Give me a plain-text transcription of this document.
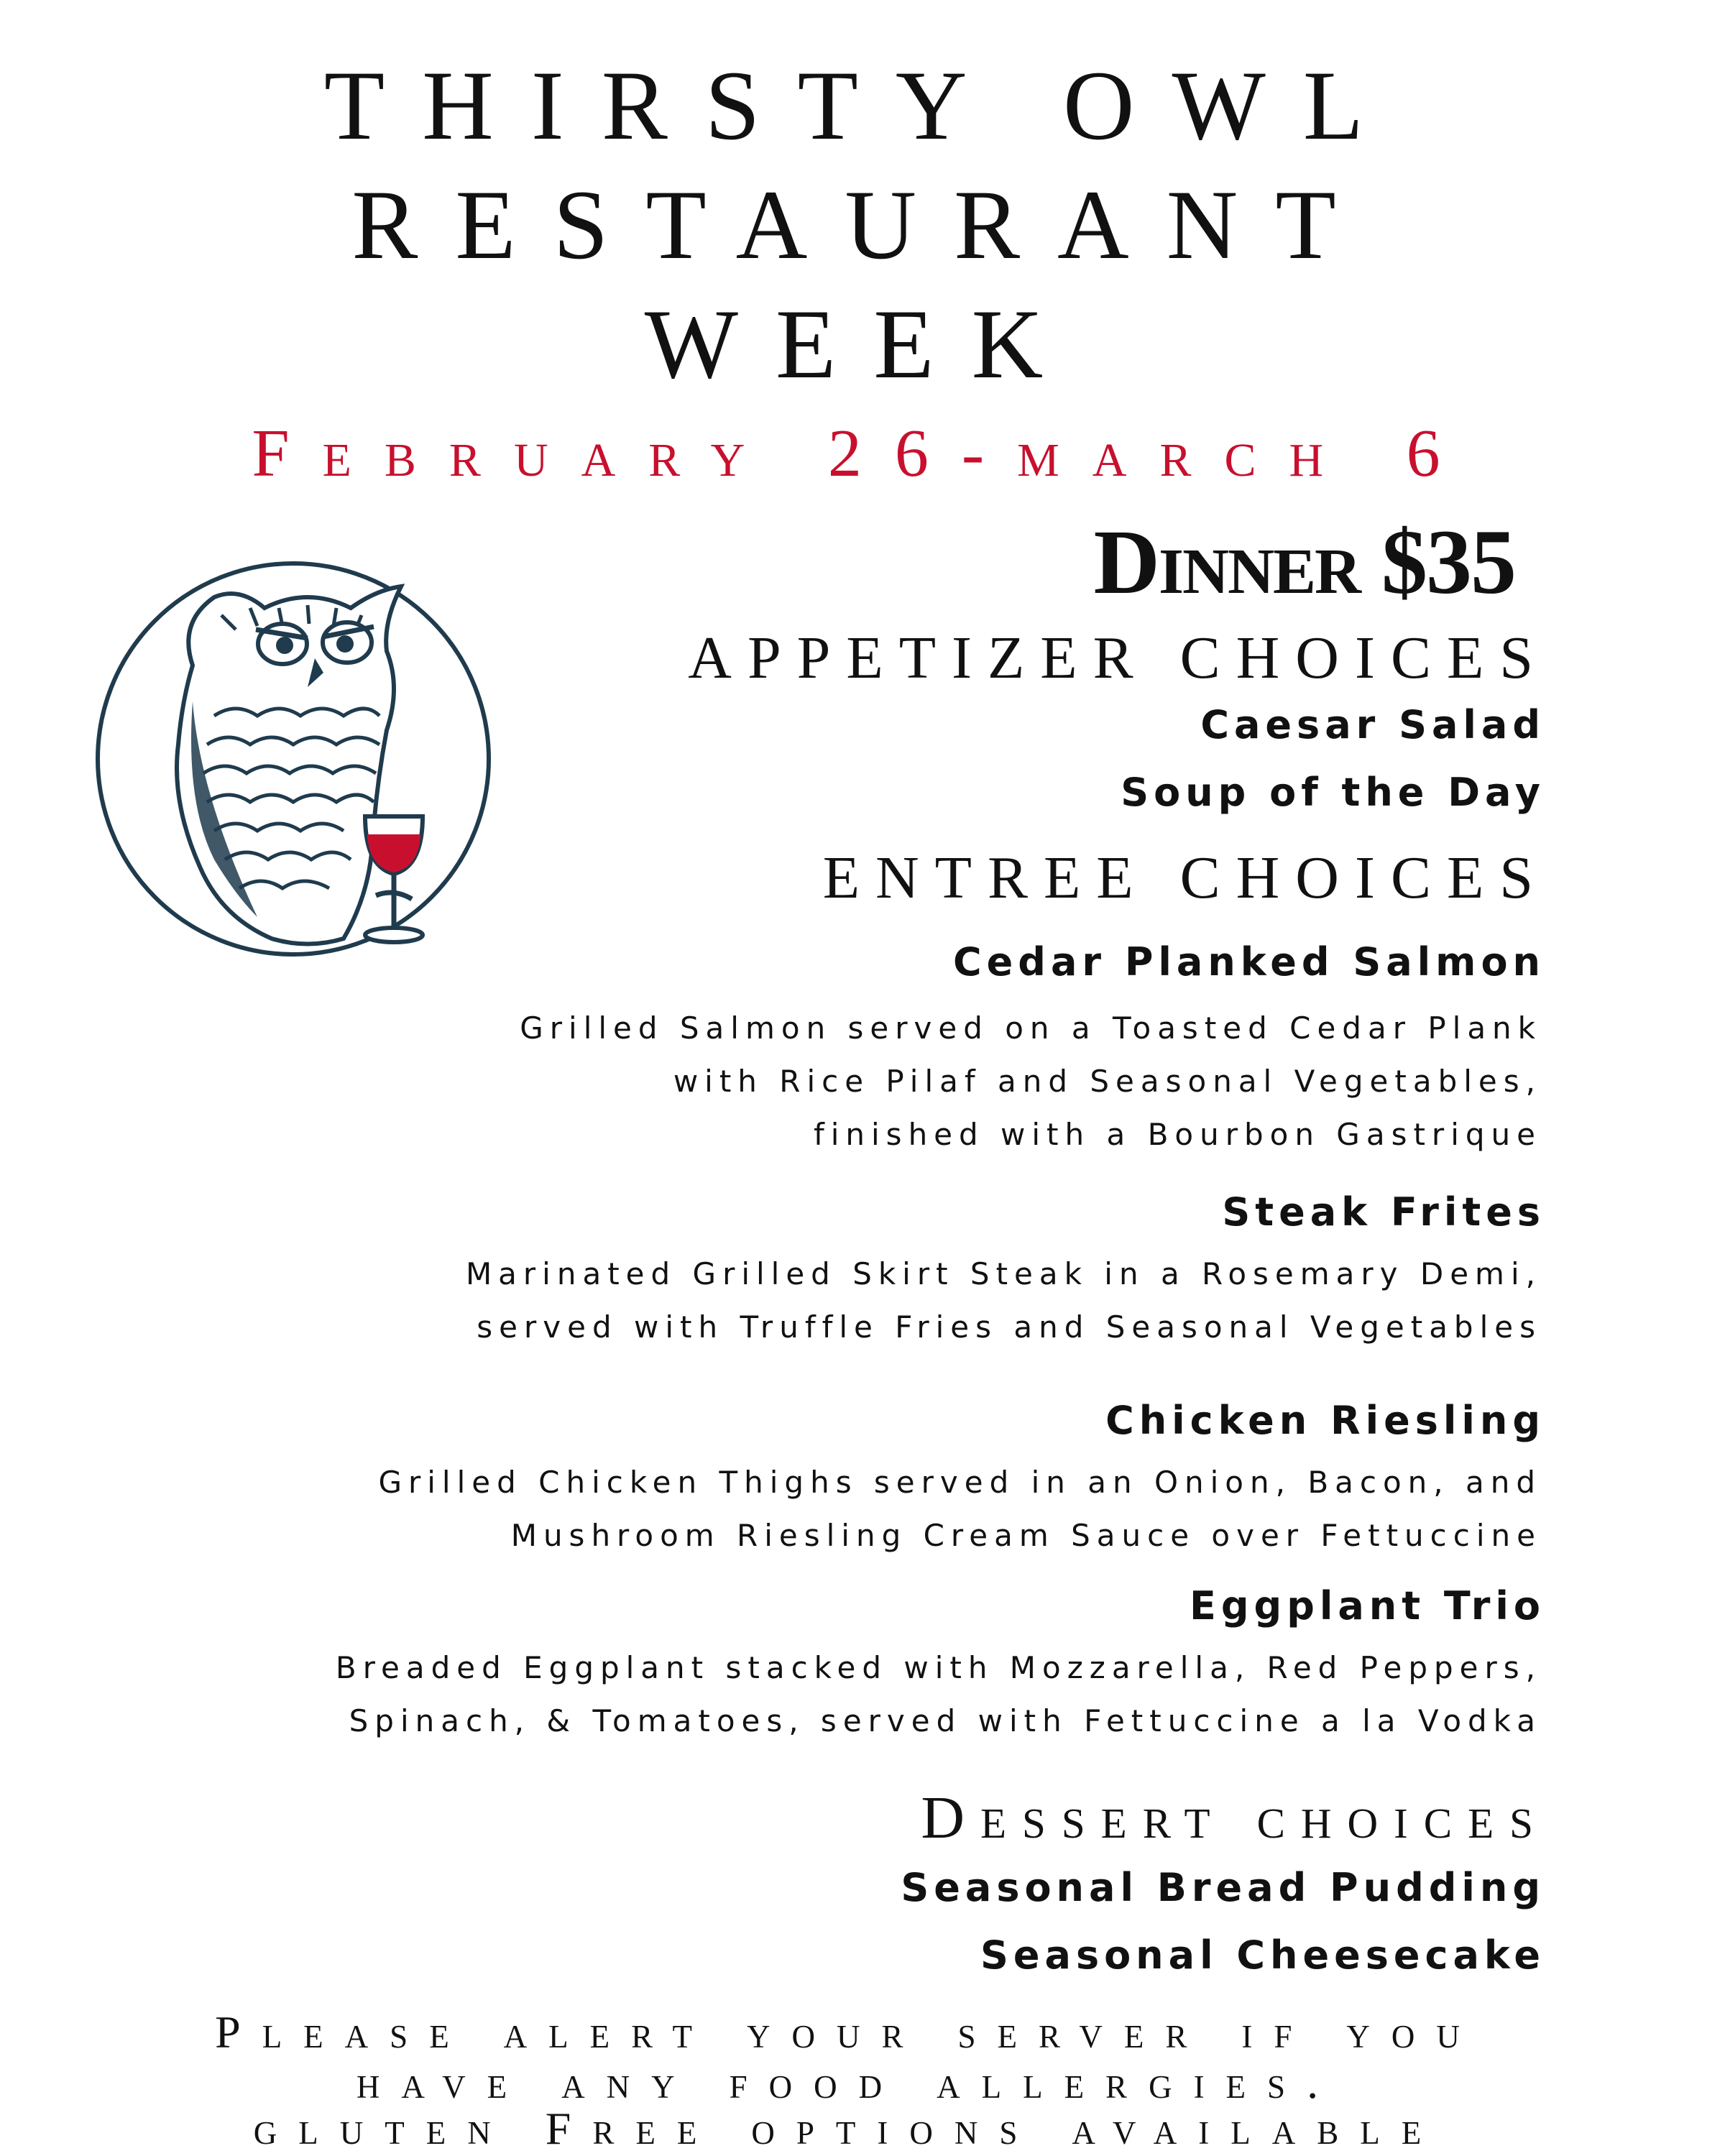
THIRSTY OWL
RESTAURANT
WEEK
February 26-march 6
Dinner $35
APPETIZER CHOICES
Caesar Salad
Soup of the Day
ENTREE CHOICES
Cedar Planked Salmon
Grilled Salmon served on a Toasted Cedar Plank
with Rice Pilaf and Seasonal Vegetables,
finished with a Bourbon Gastrique
Steak Frites
Marinated Grilled Skirt Steak in a Rosemary Demi,
served with Truffle Fries and Seasonal Vegetables
Chicken Riesling
Grilled Chicken Thighs served in an Onion, Bacon, and
Mushroom Riesling Cream Sauce over Fettuccine
Eggplant Trio
Breaded Eggplant stacked with Mozzarella, Red Peppers,
Spinach, & Tomatoes, served with Fettuccine a la Vodka
Dessert choices
Seasonal Bread Pudding
Seasonal Cheesecake
Please alert your server if you
have any food allergies.
gluten Free options available
